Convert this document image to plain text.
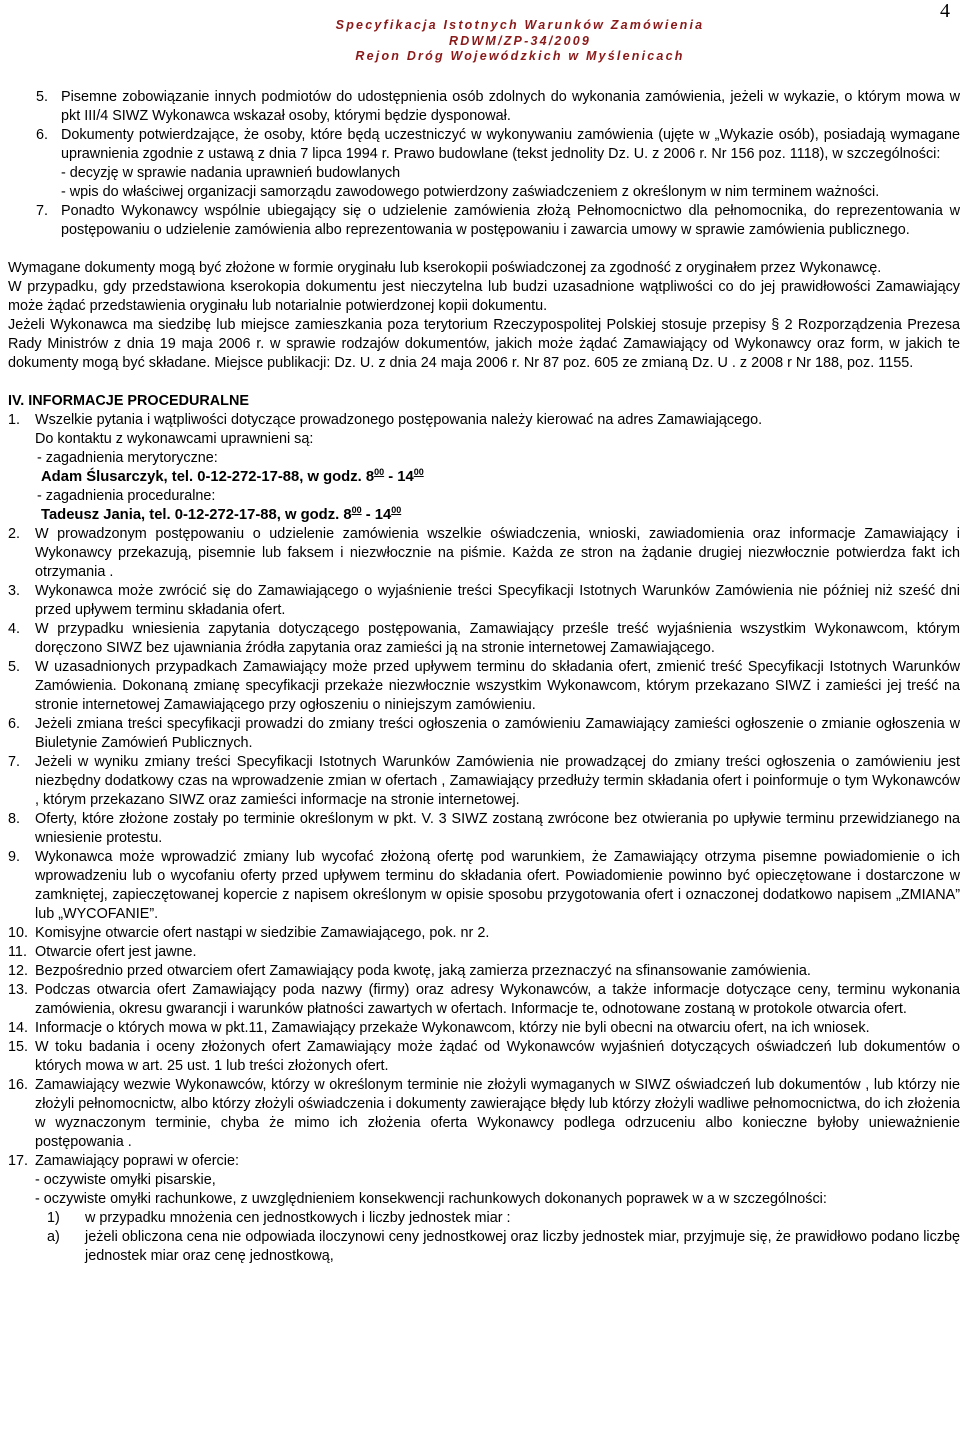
4
Specyfikacja Istotnych Warunków Zamówienia
RDWM/ZP-34/2009
Rejon Dróg Wojewódzkich w Myślenicach
5. Pisemne zobowiązanie innych podmiotów do udostępnienia osób zdolnych do wykonania zamówienia, jeżeli w wykazie, o którym mowa w pkt III/4 SIWZ Wykonawca wskazał osoby, którymi będzie dysponował.
6. Dokumenty potwierdzające, że osoby, które będą uczestniczyć w wykonywaniu zamówienia (ujęte w „Wykazie osób), posiadają wymagane uprawnienia zgodnie z ustawą z dnia 7 lipca 1994 r. Prawo budowlane (tekst jednolity Dz. U. z 2006 r. Nr 156 poz. 1118), w szczególności:
- decyzję w sprawie nadania uprawnień budowlanych
- wpis do właściwej organizacji samorządu zawodowego potwierdzony zaświadczeniem z określonym w nim terminem ważności.
7. Ponadto Wykonawcy wspólnie ubiegający się o udzielenie zamówienia złożą Pełnomocnictwo dla pełnomocnika, do reprezentowania w postępowaniu o udzielenie zamówienia albo reprezentowania w postępowaniu i zawarcia umowy w sprawie zamówienia publicznego.
Wymagane dokumenty mogą być złożone w formie oryginału lub kserokopii poświadczonej za zgodność z oryginałem przez Wykonawcę.
W przypadku, gdy przedstawiona kserokopia dokumentu jest nieczytelna lub budzi uzasadnione wątpliwości co do jej prawidłowości Zamawiający może żądać przedstawienia oryginału lub notarialnie potwierdzonej kopii dokumentu.
Jeżeli Wykonawca ma siedzibę lub miejsce zamieszkania poza terytorium Rzeczypospolitej Polskiej stosuje przepisy § 2 Rozporządzenia Prezesa Rady Ministrów z dnia 19 maja 2006 r. w sprawie rodzajów dokumentów, jakich może żądać Zamawiający od Wykonawcy oraz form, w jakich te dokumenty mogą być składane. Miejsce publikacji: Dz. U. z dnia 24 maja 2006 r. Nr 87 poz. 605 ze zmianą Dz. U . z 2008 r Nr 188, poz. 1155.
IV. INFORMACJE PROCEDURALNE
1.	Wszelkie pytania i wątpliwości dotyczące prowadzonego postępowania należy kierować na adres Zamawiającego.
Do kontaktu z wykonawcami uprawnieni są:
- zagadnienia merytoryczne:
Adam Ślusarczyk, tel. 0-12-272-17-88, w godz. $8^{00} - 14^{00}$
- zagadnienia proceduralne:
Tadeusz Jania, tel. 0-12-272-17-88, w godz. $8^{00} - 14^{00}$
2.	W prowadzonym postępowaniu o udzielenie zamówienia wszelkie oświadczenia, wnioski, zawiadomienia oraz informacje Zamawiający i Wykonawcy przekazują, pisemnie lub faksem i niezwłocznie na piśmie. Każda ze stron na żądanie drugiej niezwłocznie potwierdza fakt ich otrzymania .
3.	Wykonawca może zwrócić się do Zamawiającego o wyjaśnienie treści Specyfikacji Istotnych Warunków Zamówienia nie później niż sześć dni przed upływem terminu składania ofert.
4.	W przypadku wniesienia zapytania dotyczącego postępowania, Zamawiający prześle treść wyjaśnienia wszystkim Wykonawcom, którym doręczono SIWZ bez ujawniania źródła zapytania oraz zamieści ją na stronie internetowej Zamawiającego.
5.	W uzasadnionych przypadkach Zamawiający może przed upływem terminu do składania ofert, zmienić treść Specyfikacji Istotnych Warunków Zamówienia. Dokonaną zmianę specyfikacji przekaże niezwłocznie wszystkim Wykonawcom, którym przekazano SIWZ i zamieści jej treść na stronie internetowej Zamawiającego przy ogłoszeniu o niniejszym zamówieniu.
6.	Jeżeli zmiana treści specyfikacji prowadzi do zmiany treści ogłoszenia o zamówieniu Zamawiający zamieści ogłoszenie o zmianie ogłoszenia w Biuletynie Zamówień Publicznych.
7.	Jeżeli w wyniku zmiany treści Specyfikacji Istotnych Warunków Zamówienia nie prowadzącej do zmiany treści ogłoszenia o zamówieniu jest niezbędny dodatkowy czas na wprowadzenie zmian w ofertach , Zamawiający przedłuży termin składania ofert i poinformuje o tym Wykonawców , którym przekazano SIWZ oraz zamieści informacje na stronie internetowej.
8.	Oferty, które złożone zostały po terminie określonym w pkt. V. 3 SIWZ zostaną zwrócone bez otwierania po upływie terminu przewidzianego na wniesienie protestu.
9.	Wykonawca może wprowadzić zmiany lub wycofać złożoną ofertę pod warunkiem, że Zamawiający otrzyma pisemne powiadomienie o ich wprowadzeniu lub o wycofaniu oferty przed upływem terminu do składania ofert. Powiadomienie powinno być opieczętowane i dostarczone w zamkniętej, zapieczętowanej kopercie z napisem określonym w opisie sposobu przygotowania ofert i oznaczonej dodatkowo napisem „ZMIANA” lub „WYCOFANIE”.
10. Komisyjne otwarcie ofert nastąpi w siedzibie Zamawiającego, pok. nr 2.
11. Otwarcie ofert jest jawne.
12. Bezpośrednio przed otwarciem ofert Zamawiający poda kwotę, jaką zamierza przeznaczyć na sfinansowanie zamówienia.
13. Podczas otwarcia ofert Zamawiający poda nazwy (firmy) oraz adresy Wykonawców, a także informacje dotyczące ceny, terminu wykonania zamówienia, okresu gwarancji i warunków płatności zawartych w ofertach. Informacje te, odnotowane zostaną w protokole otwarcia ofert.
14. Informacje o których mowa w pkt.11, Zamawiający przekaże Wykonawcom, którzy nie byli obecni na otwarciu ofert, na ich wniosek.
15. W toku badania i oceny złożonych ofert Zamawiający może żądać od Wykonawców wyjaśnień dotyczących oświadczeń lub dokumentów o których mowa w art. 25 ust. 1 lub treści złożonych ofert.
16. Zamawiający wezwie Wykonawców, którzy w określonym terminie nie złożyli wymaganych w SIWZ oświadczeń lub dokumentów , lub którzy nie złożyli pełnomocnictw, albo którzy złożyli oświadczenia i dokumenty zawierające błędy lub którzy złożyli wadliwe pełnomocnictwa, do ich złożenia w wyznaczonym terminie, chyba że mimo ich złożenia oferta Wykonawcy podlega odrzuceniu albo konieczne byłoby unieważnienie postępowania .
17. Zamawiający poprawi w ofercie:
- oczywiste omyłki pisarskie,
- oczywiste omyłki rachunkowe, z uwzględnieniem konsekwencji rachunkowych dokonanych poprawek w a w szczególności:
1)	w przypadku mnożenia cen jednostkowych i liczby jednostek miar :
a)	jeżeli obliczona cena nie odpowiada iloczynowi ceny jednostkowej oraz liczby jednostek miar, przyjmuje się, że prawidłowo podano liczbę jednostek miar oraz cenę jednostkową,
